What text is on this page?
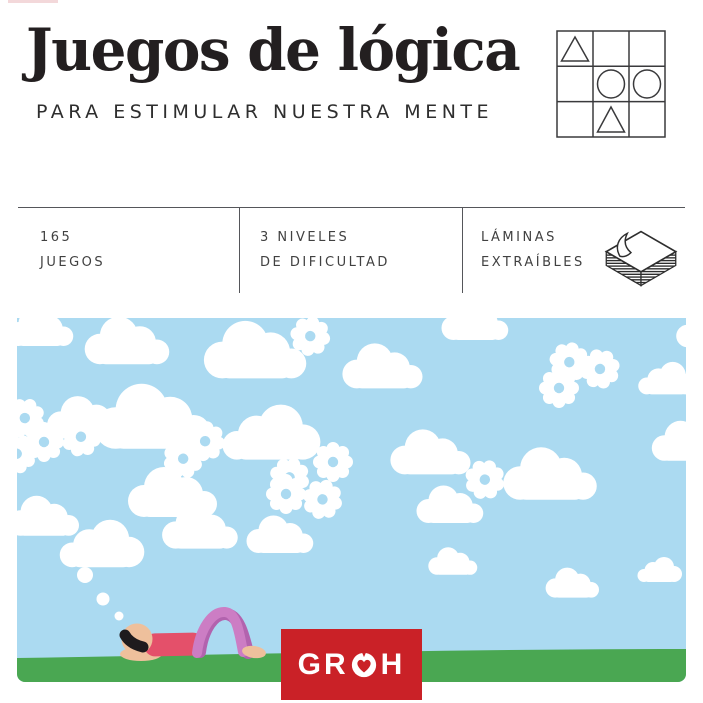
Juegos de lógica
PARA ESTIMULAR NUESTRA MENTE
165
JUEGOS
3 NIVELES
DE DIFICULTAD
LÁMINAS
EXTRAÍBLES
GR H
